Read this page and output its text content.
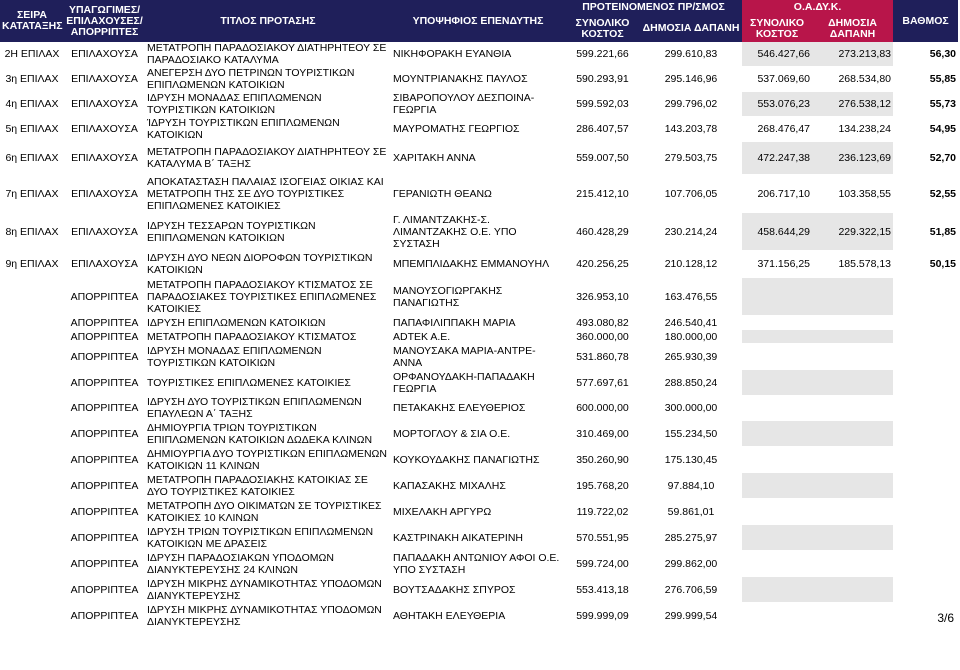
ΣΕΙΡΑ ΚΑΤΑΤΑΞΗΣ	ΥΠΑΓΩΓΙΜΕΣ/ ΕΠΙΛΑΧΟΥΣΕΣ/ ΑΠΟΡΡΙΠΤΕΣ	ΤΙΤΛΟΣ ΠΡΟΤΑΣΗΣ	ΥΠΟΨΗΦΙΟΣ ΕΠΕΝΔΥΤΗΣ	ΠΡΟΤΕΙΝΟΜΕΝΟΣ ΠΡ/ΣΜΟΣ		Ο.Α.ΔΥ.Κ.		ΒΑΘΜΟΣ
				ΣΥΝΟΛΙΚΟ ΚΟΣΤΟΣ	ΔΗΜΟΣΙΑ ΔΑΠΑΝΗ	ΣΥΝΟΛΙΚΟ ΚΟΣΤΟΣ	ΔΗΜΟΣΙΑ ΔΑΠΑΝΗ	
2Η ΕΠΙΛΑΧ	ΕΠΙΛΑΧΟΥΣΑ	ΜΕΤΑΤΡΟΠΗ ΠΑΡΑΔΟΣΙΑΚΟΥ ΔΙΑΤΗΡΗΤΕΟΥ ΣΕ ΠΑΡΑΔΟΣΙΑΚΟ ΚΑΤΑΛΥΜΑ	ΝΙΚΗΦΟΡΑΚΗ ΕΥΑΝΘΙΑ	599.221,66	299.610,83	546.427,66	273.213,83	56,30
3η ΕΠΙΛΑΧ	ΕΠΙΛΑΧΟΥΣΑ	ΑΝΕΓΕΡΣΗ ΔΥΟ ΠΕΤΡΙΝΩΝ ΤΟΥΡΙΣΤΙΚΩΝ ΕΠΙΠΛΩΜΕΝΩΝ ΚΑΤΟΙΚΙΩΝ	ΜΟΥΝΤΡΙΑΝΑΚΗΣ ΠΑΥΛΟΣ	590.293,91	295.146,96	537.069,60	268.534,80	55,85
4η ΕΠΙΛΑΧ	ΕΠΙΛΑΧΟΥΣΑ	ΙΔΡΥΣΗ ΜΟΝΑΔΑΣ ΕΠΙΠΛΩΜΕΝΩΝ ΤΟΥΡΙΣΤΙΚΩΝ ΚΑΤΟΙΚΙΩΝ	ΣΙΒΑΡΟΠΟΥΛΟΥ ΔΕΣΠΟΙΝΑ-ΓΕΩΡΓΙΑ	599.592,03	299.796,02	553.076,23	276.538,12	55,73
5η ΕΠΙΛΑΧ	ΕΠΙΛΑΧΟΥΣΑ	ΊΔΡΥΣΗ ΤΟΥΡΙΣΤΙΚΩΝ ΕΠΙΠΛΩΜΕΝΩΝ ΚΑΤΟΙΚΙΩΝ	ΜΑΥΡΟΜΑΤΗΣ ΓΕΩΡΓΙΟΣ	286.407,57	143.203,78	268.476,47	134.238,24	54,95
6η ΕΠΙΛΑΧ	ΕΠΙΛΑΧΟΥΣΑ	ΜΕΤΑΤΡΟΠΗ ΠΑΡΑΔΟΣΙΑΚΟΥ ΔΙΑΤΗΡΗΤΕΟΥ ΣΕ ΚΑΤΑΛΥΜΑ Β΄ ΤΑΞΗΣ	ΧΑΡΙΤΑΚΗ ΑΝΝΑ	559.007,50	279.503,75	472.247,38	236.123,69	52,70
7η ΕΠΙΛΑΧ	ΕΠΙΛΑΧΟΥΣΑ	ΑΠΟΚΑΤΑΣΤΑΣΗ ΠΑΛΑΙΑΣ ΙΣΟΓΕΙΑΣ ΟΙΚΙΑΣ ΚΑΙ ΜΕΤΑΤΡΟΠΗ ΤΗΣ ΣΕ ΔΥΟ ΤΟΥΡΙΣΤΙΚΕΣ ΕΠΙΠΛΩΜΕΝΕΣ ΚΑΤΟΙΚΙΕΣ	ΓΕΡΑΝΙΩΤΗ ΘΕΑΝΩ	215.412,10	107.706,05	206.717,10	103.358,55	52,55
8η ΕΠΙΛΑΧ	ΕΠΙΛΑΧΟΥΣΑ	ΙΔΡΥΣΗ ΤΕΣΣΑΡΩΝ ΤΟΥΡΙΣΤΙΚΩΝ ΕΠΙΠΛΩΜΕΝΩΝ ΚΑΤΟΙΚΙΩΝ	Γ. ΛΙΜΑΝΤΖΑΚΗΣ-Σ. ΛΙΜΑΝΤΖΑΚΗΣ Ο.Ε. ΥΠΟ ΣΥΣΤΑΣΗ	460.428,29	230.214,24	458.644,29	229.322,15	51,85
9η ΕΠΙΛΑΧ	ΕΠΙΛΑΧΟΥΣΑ	ΙΔΡΥΣΗ ΔΥΟ ΝΕΩΝ ΔΙΟΡΟΦΩΝ ΤΟΥΡΙΣΤΙΚΩΝ ΚΑΤΟΙΚΙΩΝ	ΜΠΕΜΠΛΙΔΑΚΗΣ ΕΜΜΑΝΟΥΗΛ	420.256,25	210.128,12	371.156,25	185.578,13	50,15
	ΑΠΟΡΡΙΠΤΕΑ	ΜΕΤΑΤΡΟΠΗ ΠΑΡΑΔΟΣΙΑΚΟΥ ΚΤΙΣΜΑΤΟΣ ΣΕ ΠΑΡΑΔΟΣΙΑΚΕΣ ΤΟΥΡΙΣΤΙΚΕΣ ΕΠΙΠΛΩΜΕΝΕΣ ΚΑΤΟΙΚΙΕΣ	ΜΑΝΟΥΣΟΓΙΩΡΓΑΚΗΣ ΠΑΝΑΓΙΩΤΗΣ	326.953,10	163.476,55			
	ΑΠΟΡΡΙΠΤΕΑ	ΙΔΡΥΣΗ ΕΠΙΠΛΩΜΕΝΩΝ ΚΑΤΟΙΚΙΩΝ	ΠΑΠΑΦΙΛΙΠΠΑΚΗ ΜΑΡΙΑ	493.080,82	246.540,41			
	ΑΠΟΡΡΙΠΤΕΑ	ΜΕΤΑΤΡΟΠΗ ΠΑΡΑΔΟΣΙΑΚΟΥ ΚΤΙΣΜΑΤΟΣ	ADTEK A.E.	360.000,00	180.000,00			
	ΑΠΟΡΡΙΠΤΕΑ	ΙΔΡΥΣΗ ΜΟΝΑΔΑΣ ΕΠΙΠΛΩΜΕΝΩΝ ΤΟΥΡΙΣΤΙΚΩΝ ΚΑΤΟΙΚΙΩΝ	ΜΑΝΟΥΣΑΚΑ ΜΑΡΙΑ-ΑΝΤΡΕ-ΑΝΝΑ	531.860,78	265.930,39			
	ΑΠΟΡΡΙΠΤΕΑ	ΤΟΥΡΙΣΤΙΚΕΣ ΕΠΙΠΛΩΜΕΝΕΣ ΚΑΤΟΙΚΙΕΣ	ΟΡΦΑΝΟΥΔΑΚΗ-ΠΑΠΑΔΑΚΗ ΓΕΩΡΓΙΑ	577.697,61	288.850,24			
	ΑΠΟΡΡΙΠΤΕΑ	ΙΔΡΥΣΗ ΔΥΟ ΤΟΥΡΙΣΤΙΚΩΝ ΕΠΙΠΛΩΜΕΝΩΝ ΕΠΑΥΛΕΩΝ Α΄ ΤΑΞΗΣ	ΠΕΤΑΚΑΚΗΣ ΕΛΕΥΘΕΡΙΟΣ	600.000,00	300.000,00			
	ΑΠΟΡΡΙΠΤΕΑ	ΔΗΜΙΟΥΡΓΙΑ ΤΡΙΩΝ ΤΟΥΡΙΣΤΙΚΩΝ ΕΠΙΠΛΩΜΕΝΩΝ ΚΑΤΟΙΚΙΩΝ ΔΩΔΕΚΑ ΚΛΙΝΩΝ	ΜΟΡΤΟΓΛΟΥ & ΣΙΑ Ο.Ε.	310.469,00	155.234,50			
	ΑΠΟΡΡΙΠΤΕΑ	ΔΗΜΙΟΥΡΓΙΑ ΔΥΟ ΤΟΥΡΙΣΤΙΚΩΝ ΕΠΙΠΛΩΜΕΝΩΝ ΚΑΤΟΙΚΙΩΝ 11 ΚΛΙΝΩΝ	ΚΟΥΚΟΥΔΑΚΗΣ ΠΑΝΑΓΙΩΤΗΣ	350.260,90	175.130,45			
	ΑΠΟΡΡΙΠΤΕΑ	ΜΕΤΑΤΡΟΠΗ ΠΑΡΑΔΟΣΙΑΚΗΣ ΚΑΤΟΙΚΙΑΣ ΣΕ ΔΥΟ ΤΟΥΡΙΣΤΙΚΕΣ ΚΑΤΟΙΚΙΕΣ	ΚΑΠΑΣΑΚΗΣ ΜΙΧΑΛΗΣ	195.768,20	97.884,10			
	ΑΠΟΡΡΙΠΤΕΑ	ΜΕΤΑΤΡΟΠΗ ΔΥΟ ΟΙΚΙΜΑΤΩΝ ΣΕ ΤΟΥΡΙΣΤΙΚΕΣ ΚΑΤΟΙΚΙΕΣ 10 ΚΛΙΝΩΝ	ΜΙΧΕΛΑΚΗ ΑΡΓΥΡΩ	119.722,02	59.861,01			
	ΑΠΟΡΡΙΠΤΕΑ	ΙΔΡΥΣΗ ΤΡΙΩΝ ΤΟΥΡΙΣΤΙΚΩΝ ΕΠΙΠΛΩΜΕΝΩΝ ΚΑΤΟΙΚΙΩΝ ΜΕ ΔΡΑΣΕΙΣ	ΚΑΣΤΡΙΝΑΚΗ ΑΙΚΑΤΕΡΙΝΗ	570.551,95	285.275,97			
	ΑΠΟΡΡΙΠΤΕΑ	ΙΔΡΥΣΗ ΠΑΡΑΔΟΣΙΑΚΩΝ ΥΠΟΔΟΜΩΝ ΔΙΑΝΥΚΤΕΡΕΥΣΗΣ 24 ΚΛΙΝΩΝ	ΠΑΠΑΔΑΚΗ ΑΝΤΩΝΙΟΥ ΑΦΟΙ Ο.Ε. ΥΠΟ ΣΥΣΤΑΣΗ	599.724,00	299.862,00			
	ΑΠΟΡΡΙΠΤΕΑ	ΙΔΡΥΣΗ ΜΙΚΡΗΣ ΔΥΝΑΜΙΚΟΤΗΤΑΣ ΥΠΟΔΟΜΩΝ ΔΙΑΝΥΚΤΕΡΕΥΣΗΣ	ΒΟΥΤΣΑΔΑΚΗΣ ΣΠΥΡΟΣ	553.413,18	276.706,59			
	ΑΠΟΡΡΙΠΤΕΑ	ΙΔΡΥΣΗ ΜΙΚΡΗΣ ΔΥΝΑΜΙΚΟΤΗΤΑΣ ΥΠΟΔΟΜΩΝ ΔΙΑΝΥΚΤΕΡΕΥΣΗΣ	ΑΘΗΤΑΚΗ ΕΛΕΥΘΕΡΙΑ	599.999,09	299.999,54				3/6
